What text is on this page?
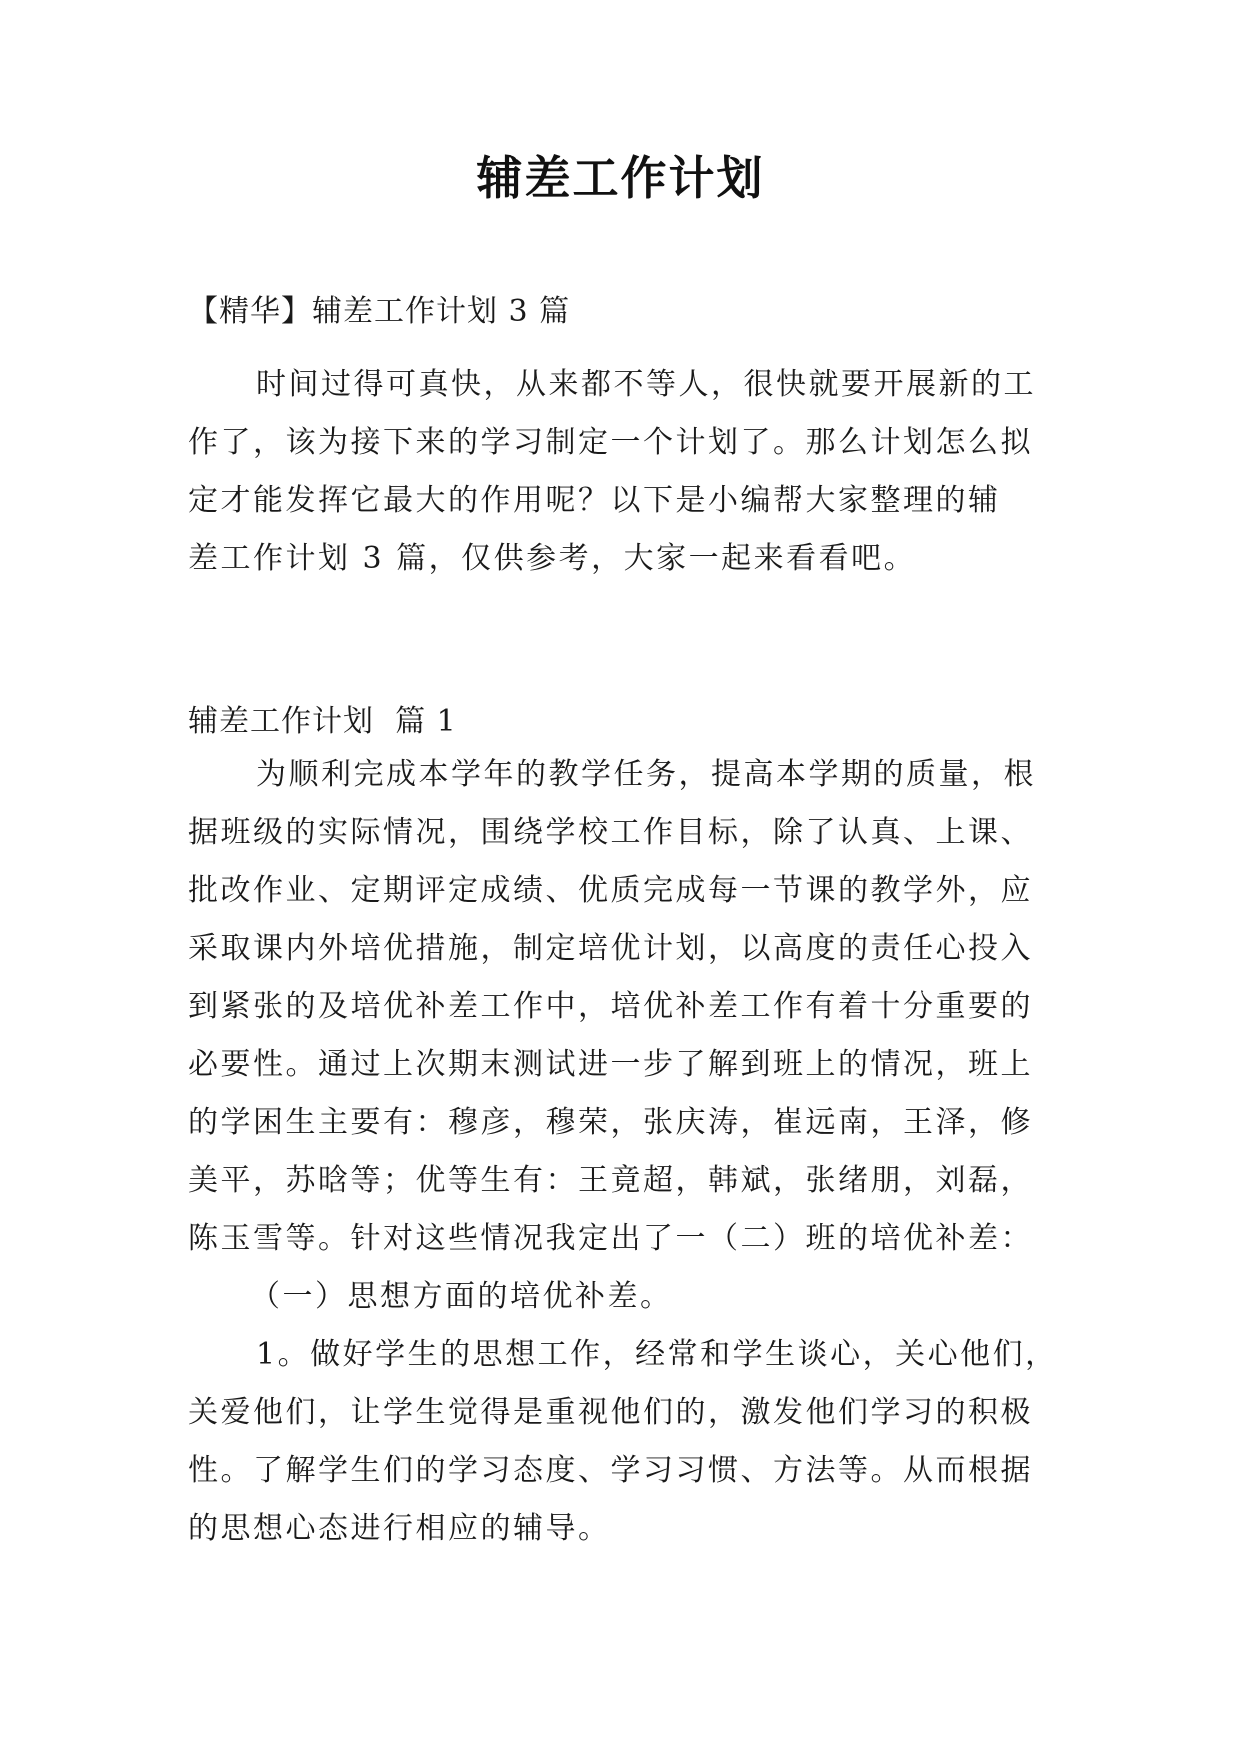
辅差工作计划
【精华】辅差工作计划 3 篇
时间过得可真快，从来都不等人，很快就要开展新的工
作了，该为接下来的学习制定一个计划了。那么计划怎么拟
定才能发挥它最大的作用呢？以下是小编帮大家整理的辅
差工作计划 3 篇，仅供参考，大家一起来看看吧。
辅差工作计划  篇 1
为顺利完成本学年的教学任务，提高本学期的质量，根
据班级的实际情况，围绕学校工作目标，除了认真、上课、
批改作业、定期评定成绩、优质完成每一节课的教学外，应
采取课内外培优措施，制定培优计划，以高度的责任心投入
到紧张的及培优补差工作中，培优补差工作有着十分重要的
必要性。通过上次期末测试进一步了解到班上的情况，班上
的学困生主要有：穆彦，穆荣，张庆涛，崔远南，王泽，修
美平，苏晗等；优等生有：王竟超，韩斌，张绪朋，刘磊，
陈玉雪等。针对这些情况我定出了一（二）班的培优补差：
（一）思想方面的培优补差。
1。做好学生的思想工作，经常和学生谈心，关心他们，
关爱他们，让学生觉得是重视他们的，激发他们学习的积极
性。了解学生们的学习态度、学习习惯、方法等。从而根据
的思想心态进行相应的辅导。
